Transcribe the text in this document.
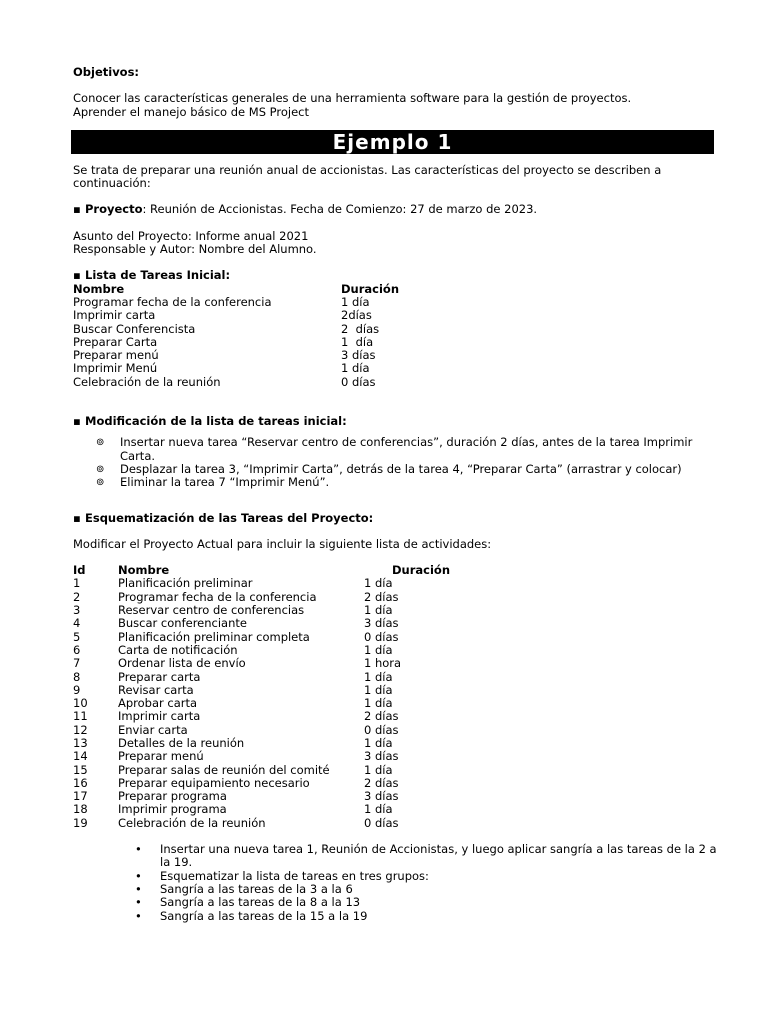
Objetivos:

Conocer las características generales de una herramienta software para la gestión de proyectos.

Aprender el manejo básico de MS Project

Ejemplo 1

Se trata de preparar una reunión anual de accionistas. Las características del proyecto se describen a continuación:

▪ Proyecto: Reunión de Accionistas. Fecha de Comienzo: 27 de marzo de 2023.

Asunto del Proyecto: Informe anual 2021

Responsable y Autor: Nombre del Alumno.

▪ Lista de Tareas Inicial:
Nombre	Duración
Programar fecha de la conferencia	1 día
Imprimir carta	2días
Buscar Conferencista	2  días
Preparar Carta	1  día
Preparar menú	3 días
Imprimir Menú	1 día
Celebración de la reunión	0 días
▪ Modificación de la lista de tareas inicial:
⊚	Insertar nueva tarea “Reservar centro de conferencias”, duración 2 días, antes de la tarea Imprimir Carta.
⊚	Desplazar la tarea 3, “Imprimir Carta”, detrás de la tarea 4, “Preparar Carta” (arrastrar y colocar)
⊚	Eliminar la tarea 7 “Imprimir Menú”.
▪ Esquematización de las Tareas del Proyecto:

Modificar el Proyecto Actual para incluir la siguiente lista de actividades:

Id	Nombre	Duración
1	Planificación preliminar	1 día
2	Programar fecha de la conferencia	2 días
3	Reservar centro de conferencias	1 día
4	Buscar conferenciante	3 días
5	Planificación preliminar completa	0 días
6	Carta de notificación	1 día
7	Ordenar lista de envío	1 hora
8	Preparar carta	1 día
9	Revisar carta	1 día
10	Aprobar carta	1 día
11	Imprimir carta	2 días
12	Enviar carta	0 días
13	Detalles de la reunión	1 día
14	Preparar menú	3 días
15	Preparar salas de reunión del comité	1 día
16	Preparar equipamiento necesario	2 días
17	Preparar programa	3 días
18	Imprimir programa	1 día
19	Celebración de la reunión	0 días
•	Insertar una nueva tarea 1, Reunión de Accionistas, y luego aplicar sangría a las tareas de la 2 a la 19.
•	Esquematizar la lista de tareas en tres grupos:
•	Sangría a las tareas de la 3 a la 6
•	Sangría a las tareas de la 8 a la 13
•	Sangría a las tareas de la 15 a la 19
